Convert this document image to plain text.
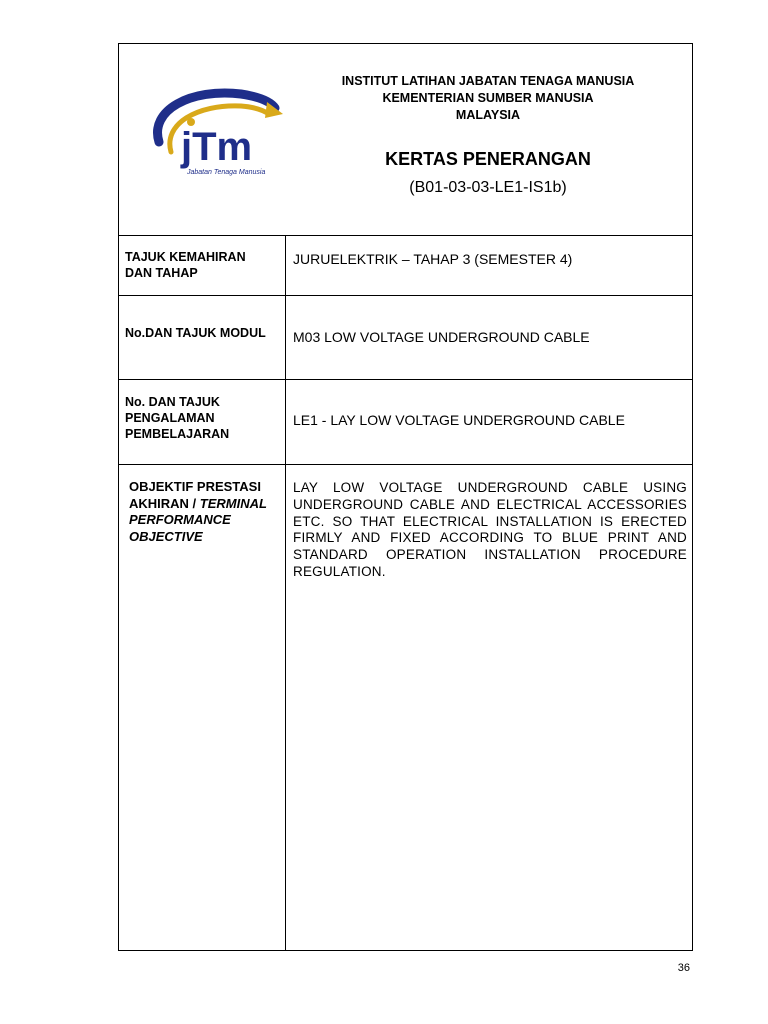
jTm
Jabatan Tenaga Manusia
INSTITUT LATIHAN JABATAN TENAGA MANUSIA
KEMENTERIAN SUMBER MANUSIA
MALAYSIA
KERTAS PENERANGAN
(B01-03-03-LE1-IS1b)
TAJUK KEMAHIRAN
DAN TAHAP
JURUELEKTRIK – TAHAP 3 (SEMESTER 4)
No.DAN TAJUK MODUL	M03 LOW VOLTAGE UNDERGROUND CABLE
No. DAN TAJUK
PENGALAMAN
PEMBELAJARAN
LE1 - LAY LOW VOLTAGE UNDERGROUND CABLE
OBJEKTIF PRESTASI
AKHIRAN / TERMINAL
PERFORMANCE
OBJECTIVE
LAY LOW VOLTAGE UNDERGROUND CABLE USING UNDERGROUND CABLE AND ELECTRICAL ACCESSORIES ETC. SO THAT ELECTRICAL INSTALLATION IS ERECTED FIRMLY AND FIXED ACCORDING TO BLUE PRINT AND STANDARD OPERATION INSTALLATION PROCEDURE REGULATION.
36
